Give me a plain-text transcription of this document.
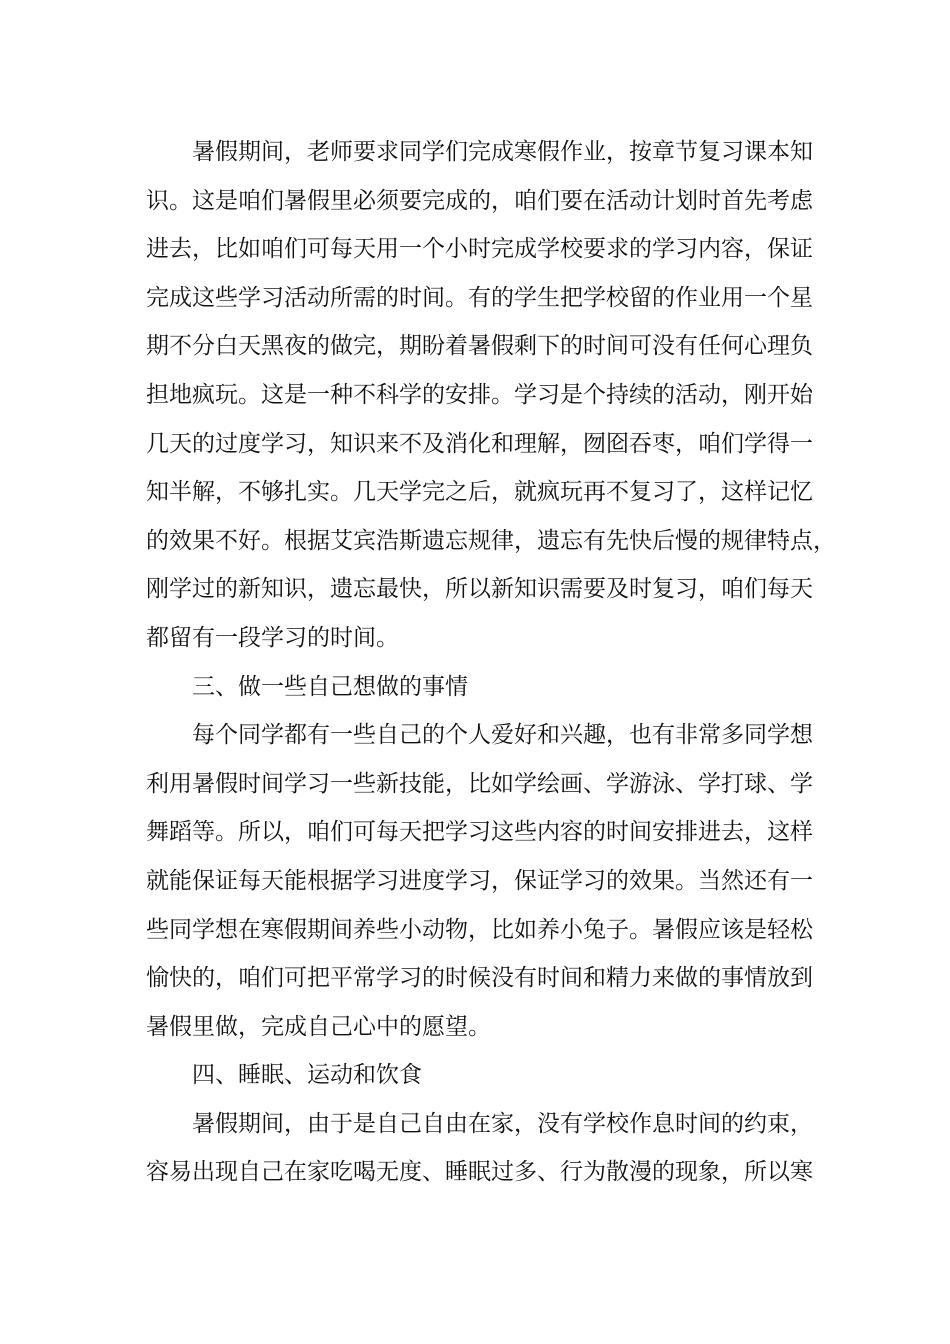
暑假期间，老师要求同学们完成寒假作业，按章节复习课本知
识。这是咱们暑假里必须要完成的，咱们要在活动计划时首先考虑
进去，比如咱们可每天用一个小时完成学校要求的学习内容，保证
完成这些学习活动所需的时间。有的学生把学校留的作业用一个星
期不分白天黑夜的做完，期盼着暑假剩下的时间可没有任何心理负
担地疯玩。这是一种不科学的安排。学习是个持续的活动，刚开始
几天的过度学习，知识来不及消化和理解，囫囵吞枣，咱们学得一
知半解，不够扎实。几天学完之后，就疯玩再不复习了，这样记忆
的效果不好。根据艾宾浩斯遗忘规律，遗忘有先快后慢的规律特点，
刚学过的新知识，遗忘最快，所以新知识需要及时复习，咱们每天
都留有一段学习的时间。
三、做一些自己想做的事情
每个同学都有一些自己的个人爱好和兴趣，也有非常多同学想
利用暑假时间学习一些新技能，比如学绘画、学游泳、学打球、学
舞蹈等。所以，咱们可每天把学习这些内容的时间安排进去，这样
就能保证每天能根据学习进度学习，保证学习的效果。当然还有一
些同学想在寒假期间养些小动物，比如养小兔子。暑假应该是轻松
愉快的，咱们可把平常学习的时候没有时间和精力来做的事情放到
暑假里做，完成自己心中的愿望。
四、睡眠、运动和饮食
暑假期间，由于是自己自由在家，没有学校作息时间的约束，
容易出现自己在家吃喝无度、睡眠过多、行为散漫的现象，所以寒
